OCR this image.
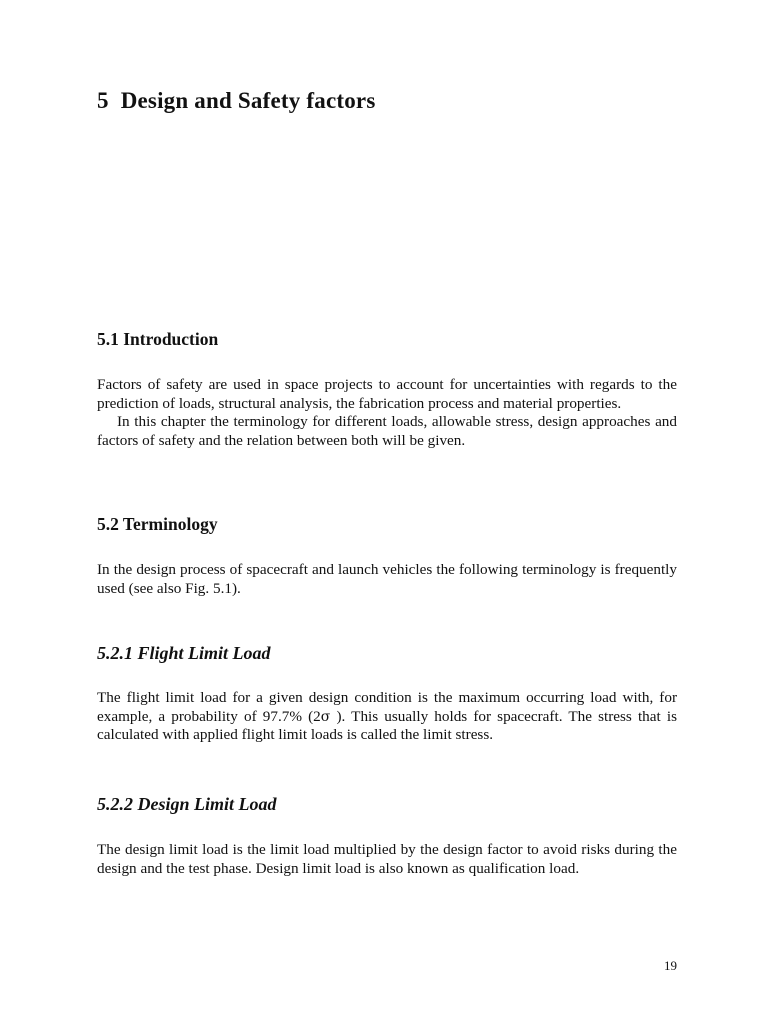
5 Design and Safety factors
5.1 Introduction

Factors of safety are used in space projects to account for uncertainties with regards to the prediction of loads, structural analysis, the fabrication process and material properties.

In this chapter the terminology for different loads, allowable stress, design approaches and factors of safety and the relation between both will be given.

5.2 Terminology

In the design process of spacecraft and launch vehicles the following terminology is frequently used (see also Fig. 5.1).

5.2.1 Flight Limit Load

The flight limit load for a given design condition is the maximum occurring load with, for example, a probability of 97.7% (2σ ). This usually holds for spacecraft. The stress that is calculated with applied flight limit loads is called the limit stress.

5.2.2 Design Limit Load

The design limit load is the limit load multiplied by the design factor to avoid risks during the design and the test phase. Design limit load is also known as qualification load.

19
